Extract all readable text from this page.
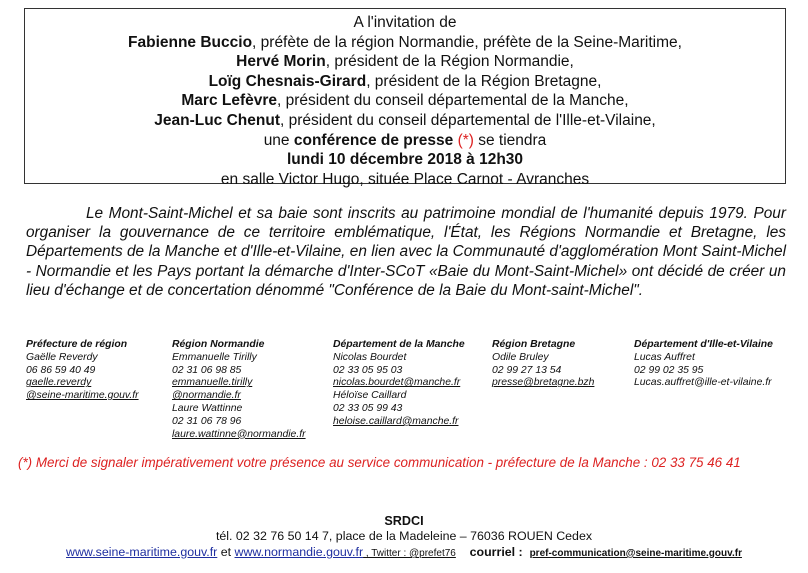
A l'invitation de
Fabienne Buccio, préfète de la région Normandie, préfète de la Seine-Maritime,
Hervé Morin, président de la Région Normandie,
Loïg Chesnais-Girard, président de la Région Bretagne,
Marc Lefèvre, président du conseil départemental de la Manche,
Jean-Luc Chenut, président du conseil départemental de l'Ille-et-Vilaine,
une conférence de presse (*) se tiendra
lundi 10 décembre 2018 à 12h30
en salle Victor Hugo, située Place Carnot - Avranches

Le Mont-Saint-Michel et sa baie sont inscrits au patrimoine mondial de l'humanité depuis 1979. Pour organiser la gouvernance de ce territoire emblématique, l'État, les Régions Normandie et Bretagne, les Départements de la Manche et d'Ille-et-Vilaine, en lien avec la Communauté d'agglomération Mont Saint-Michel - Normandie et les Pays portant la démarche d'Inter-SCoT «Baie du Mont-Saint-Michel» ont décidé de créer un lieu d'échange et de concertation dénommé "Conférence de la Baie du Mont-saint-Michel".

Préfecture de région
Gaëlle Reverdy
06 86 59 40 49
gaelle.reverdy
@seine-maritime.gouv.fr
Région Normandie
Emmanuelle Tirilly
02 31 06 98 85
emmanuelle.tirilly
@normandie.fr
Laure Wattinne
02 31 06 78 96
laure.wattinne@normandie.fr
Département de la Manche
Nicolas Bourdet
02 33 05 95 03
nicolas.bourdet@manche.fr
Héloïse Caillard
02 33 05 99 43
heloise.caillard@manche.fr
Région Bretagne
Odile Bruley
02 99 27 13 54
presse@bretagne.bzh
Département d'Ille-et-Vilaine
Lucas Auffret
02 99 02 35 95
Lucas.auffret@ille-et-vilaine.fr
(*) Merci de signaler impérativement votre présence au service communication - préfecture de la Manche : 02 33 75 46 41
SRDCI
tél. 02 32 76 50 14 7, place de la Madeleine – 76036 ROUEN Cedex
www.seine-maritime.gouv.fr et www.normandie.gouv.fr , Twitter : @prefet76 courriel : pref-communication@seine-maritime.gouv.fr
